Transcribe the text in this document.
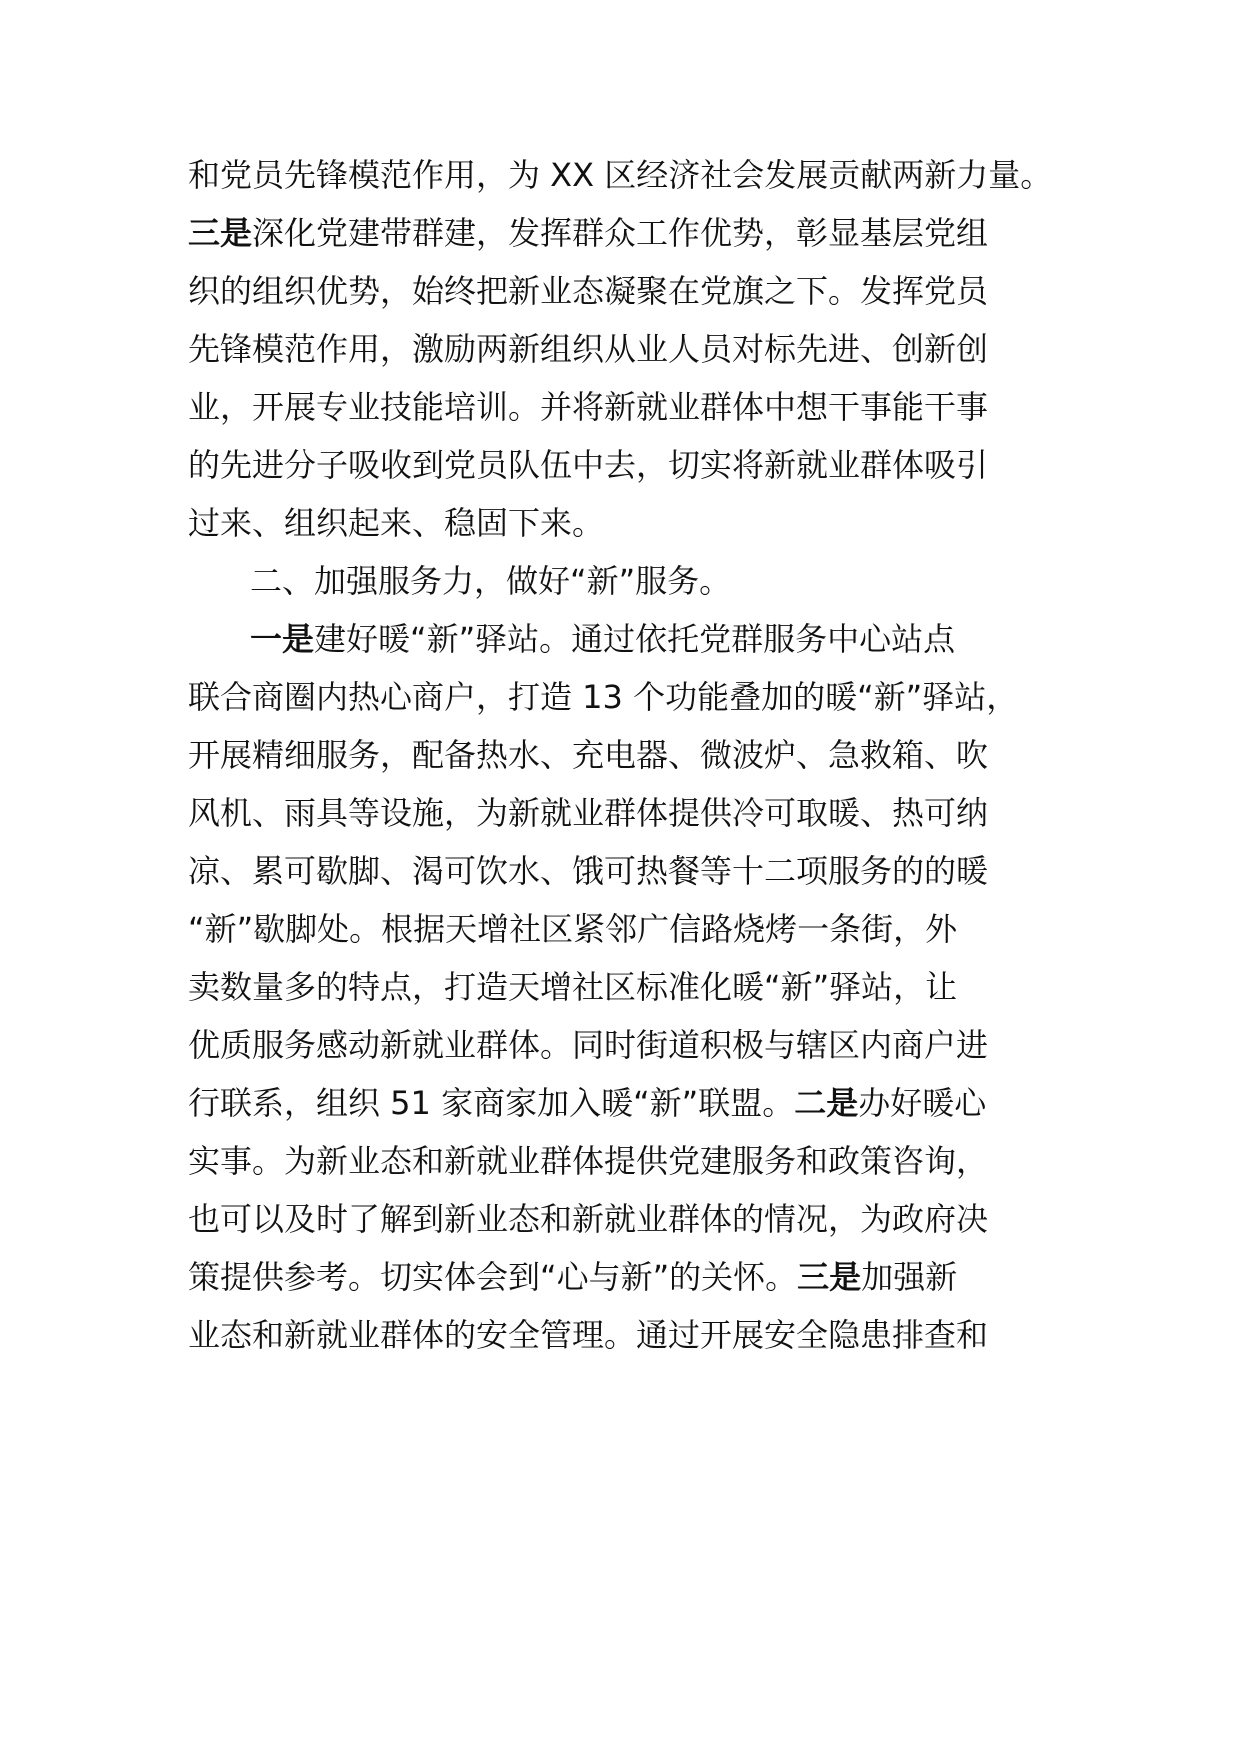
和党员先锋模范作用，为 XX 区经济社会发展贡献两新力量。
三是深化党建带群建，发挥群众工作优势，彰显基层党组
织的组织优势，始终把新业态凝聚在党旗之下。发挥党员
先锋模范作用，激励两新组织从业人员对标先进、创新创
业，开展专业技能培训。并将新就业群体中想干事能干事
的先进分子吸收到党员队伍中去，切实将新就业群体吸引
过来、组织起来、稳固下来。
二、加强服务力，做好“新”服务。
一是建好暖“新”驿站。通过依托党群服务中心站点
联合商圈内热心商户，打造 13 个功能叠加的暖“新”驿站，
开展精细服务，配备热水、充电器、微波炉、急救箱、吹
风机、雨具等设施，为新就业群体提供冷可取暖、热可纳
凉、累可歇脚、渴可饮水、饿可热餐等十二项服务的的暖
“新”歇脚处。根据天增社区紧邻广信路烧烤一条街，外
卖数量多的特点，打造天增社区标准化暖“新”驿站，让
优质服务感动新就业群体。同时街道积极与辖区内商户进
行联系，组织 51 家商家加入暖“新”联盟。二是办好暖心
实事。为新业态和新就业群体提供党建服务和政策咨询，
也可以及时了解到新业态和新就业群体的情况，为政府决
策提供参考。切实体会到“心与新”的关怀。三是加强新
业态和新就业群体的安全管理。通过开展安全隐患排查和
